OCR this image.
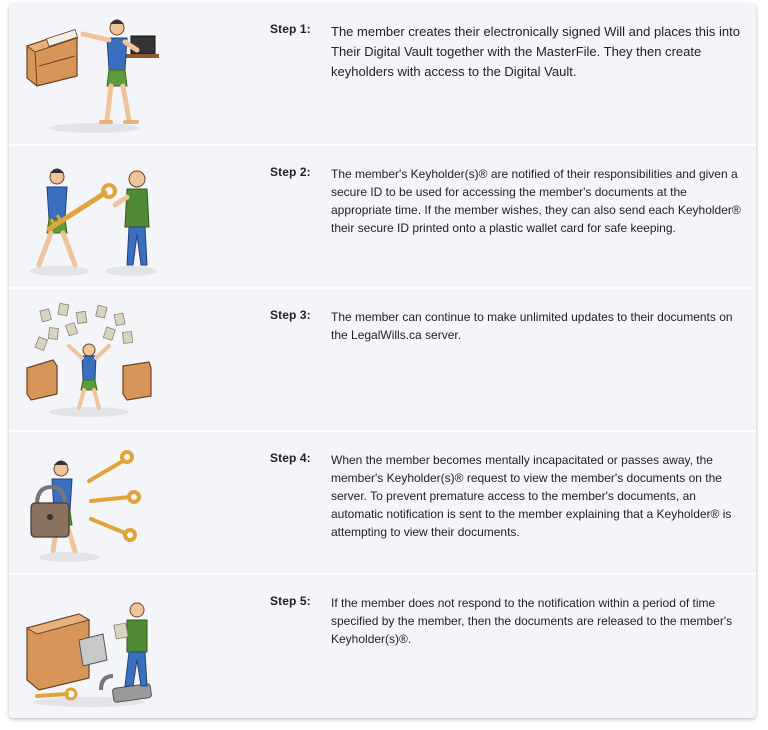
Step 1:	The member creates their electronically signed Will and places this into Their Digital Vault together with the MasterFile. They then create keyholders with access to the Digital Vault.
Step 2:	The member's Keyholder(s)® are notified of their responsibilities and given a secure ID to be used for accessing the member's documents at the appropriate time. If the member wishes, they can also send each Keyholder® their secure ID printed onto a plastic wallet card for safe keeping.
Step 3:	The member can continue to make unlimited updates to their documents on the LegalWills.ca server.
Step 4:	When the member becomes mentally incapacitated or passes away, the member's Keyholder(s)® request to view the member's documents on the server. To prevent premature access to the member's documents, an automatic notification is sent to the member explaining that a Keyholder® is attempting to view their documents.
Step 5:	If the member does not respond to the notification within a period of time specified by the member, then the documents are released to the member's Keyholder(s)®.
